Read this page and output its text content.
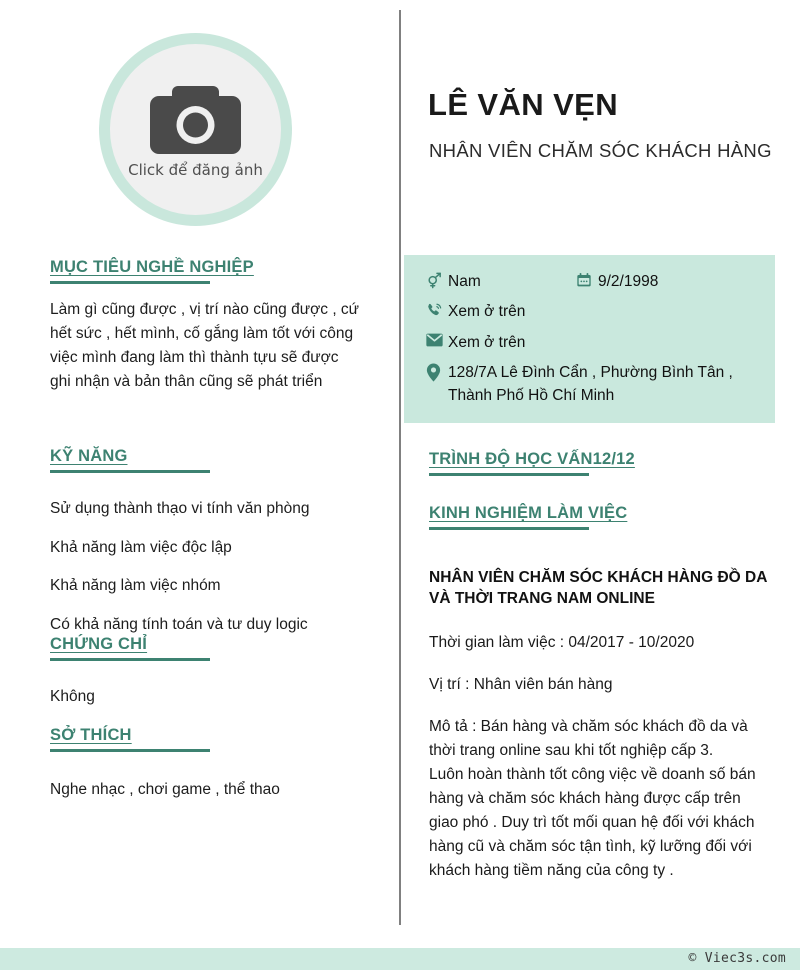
Click để đăng ảnh
MỤC TIÊU NGHỀ NGHIỆP

Làm gì cũng được , vị trí nào cũng được , cứ hết sức , hết mình, cố gắng làm tốt với công việc mình đang làm thì thành tựu sẽ được ghi nhận và bản thân cũng sẽ phát triển

KỸ NĂNG

Sử dụng thành thạo vi tính văn phòng

Khả năng làm việc độc lập

Khả năng làm việc nhóm

Có khả năng tính toán và tư duy logic

CHỨNG CHỈ

Không

SỞ THÍCH

Nghe nhạc , chơi game , thể thao

LÊ VĂN VẸN
NHÂN VIÊN CHĂM SÓC KHÁCH HÀNG
Nam	9/2/1998
Xem ở trên
Xem ở trên
128/7A Lê Đình Cẩn , Phường Bình Tân , Thành Phố Hồ Chí Minh
TRÌNH ĐỘ HỌC VẤN12/12
KINH NGHIỆM LÀM VIỆC

NHÂN VIÊN CHĂM SÓC KHÁCH HÀNG ĐỒ DA VÀ THỜI TRANG NAM ONLINE

Thời gian làm việc : 04/2017 - 10/2020

Vị trí : Nhân viên bán hàng

Mô tả : Bán hàng và chăm sóc khách đồ da và thời trang online sau khi tốt nghiệp cấp 3.

Luôn hoàn thành tốt công việc về doanh số bán hàng và chăm sóc khách hàng được cấp trên giao phó . Duy trì tốt mối quan hệ đối với khách hàng cũ và chăm sóc tận tình, kỹ lưỡng đối với khách hàng tiềm năng của công ty .

© Viec3s.com
